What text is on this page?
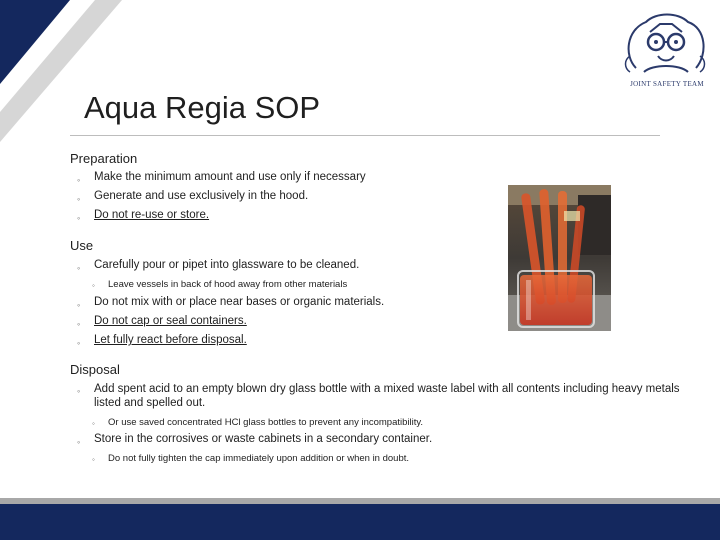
JOINT SAFETY TEAM
Aqua Regia SOP
Preparation
◦ Make the minimum amount and use only if necessary
◦ Generate and use exclusively in the hood.
◦ Do not re-use or store.
Use
◦ Carefully pour or pipet into glassware to be cleaned.
◦ Leave vessels in back of hood away from other materials
◦ Do not mix with or place near bases or organic materials.
◦ Do not cap or seal containers.
◦ Let fully react before disposal.
Disposal
◦ Add spent acid to an empty blown dry glass bottle with a mixed waste label with all contents including heavy metals listed and spelled out.
◦ Or use saved concentrated HCl glass bottles to prevent any incompatibility.
◦ Store in the corrosives or waste cabinets in a secondary container.
◦ Do not fully tighten the cap immediately upon addition or when in doubt.
